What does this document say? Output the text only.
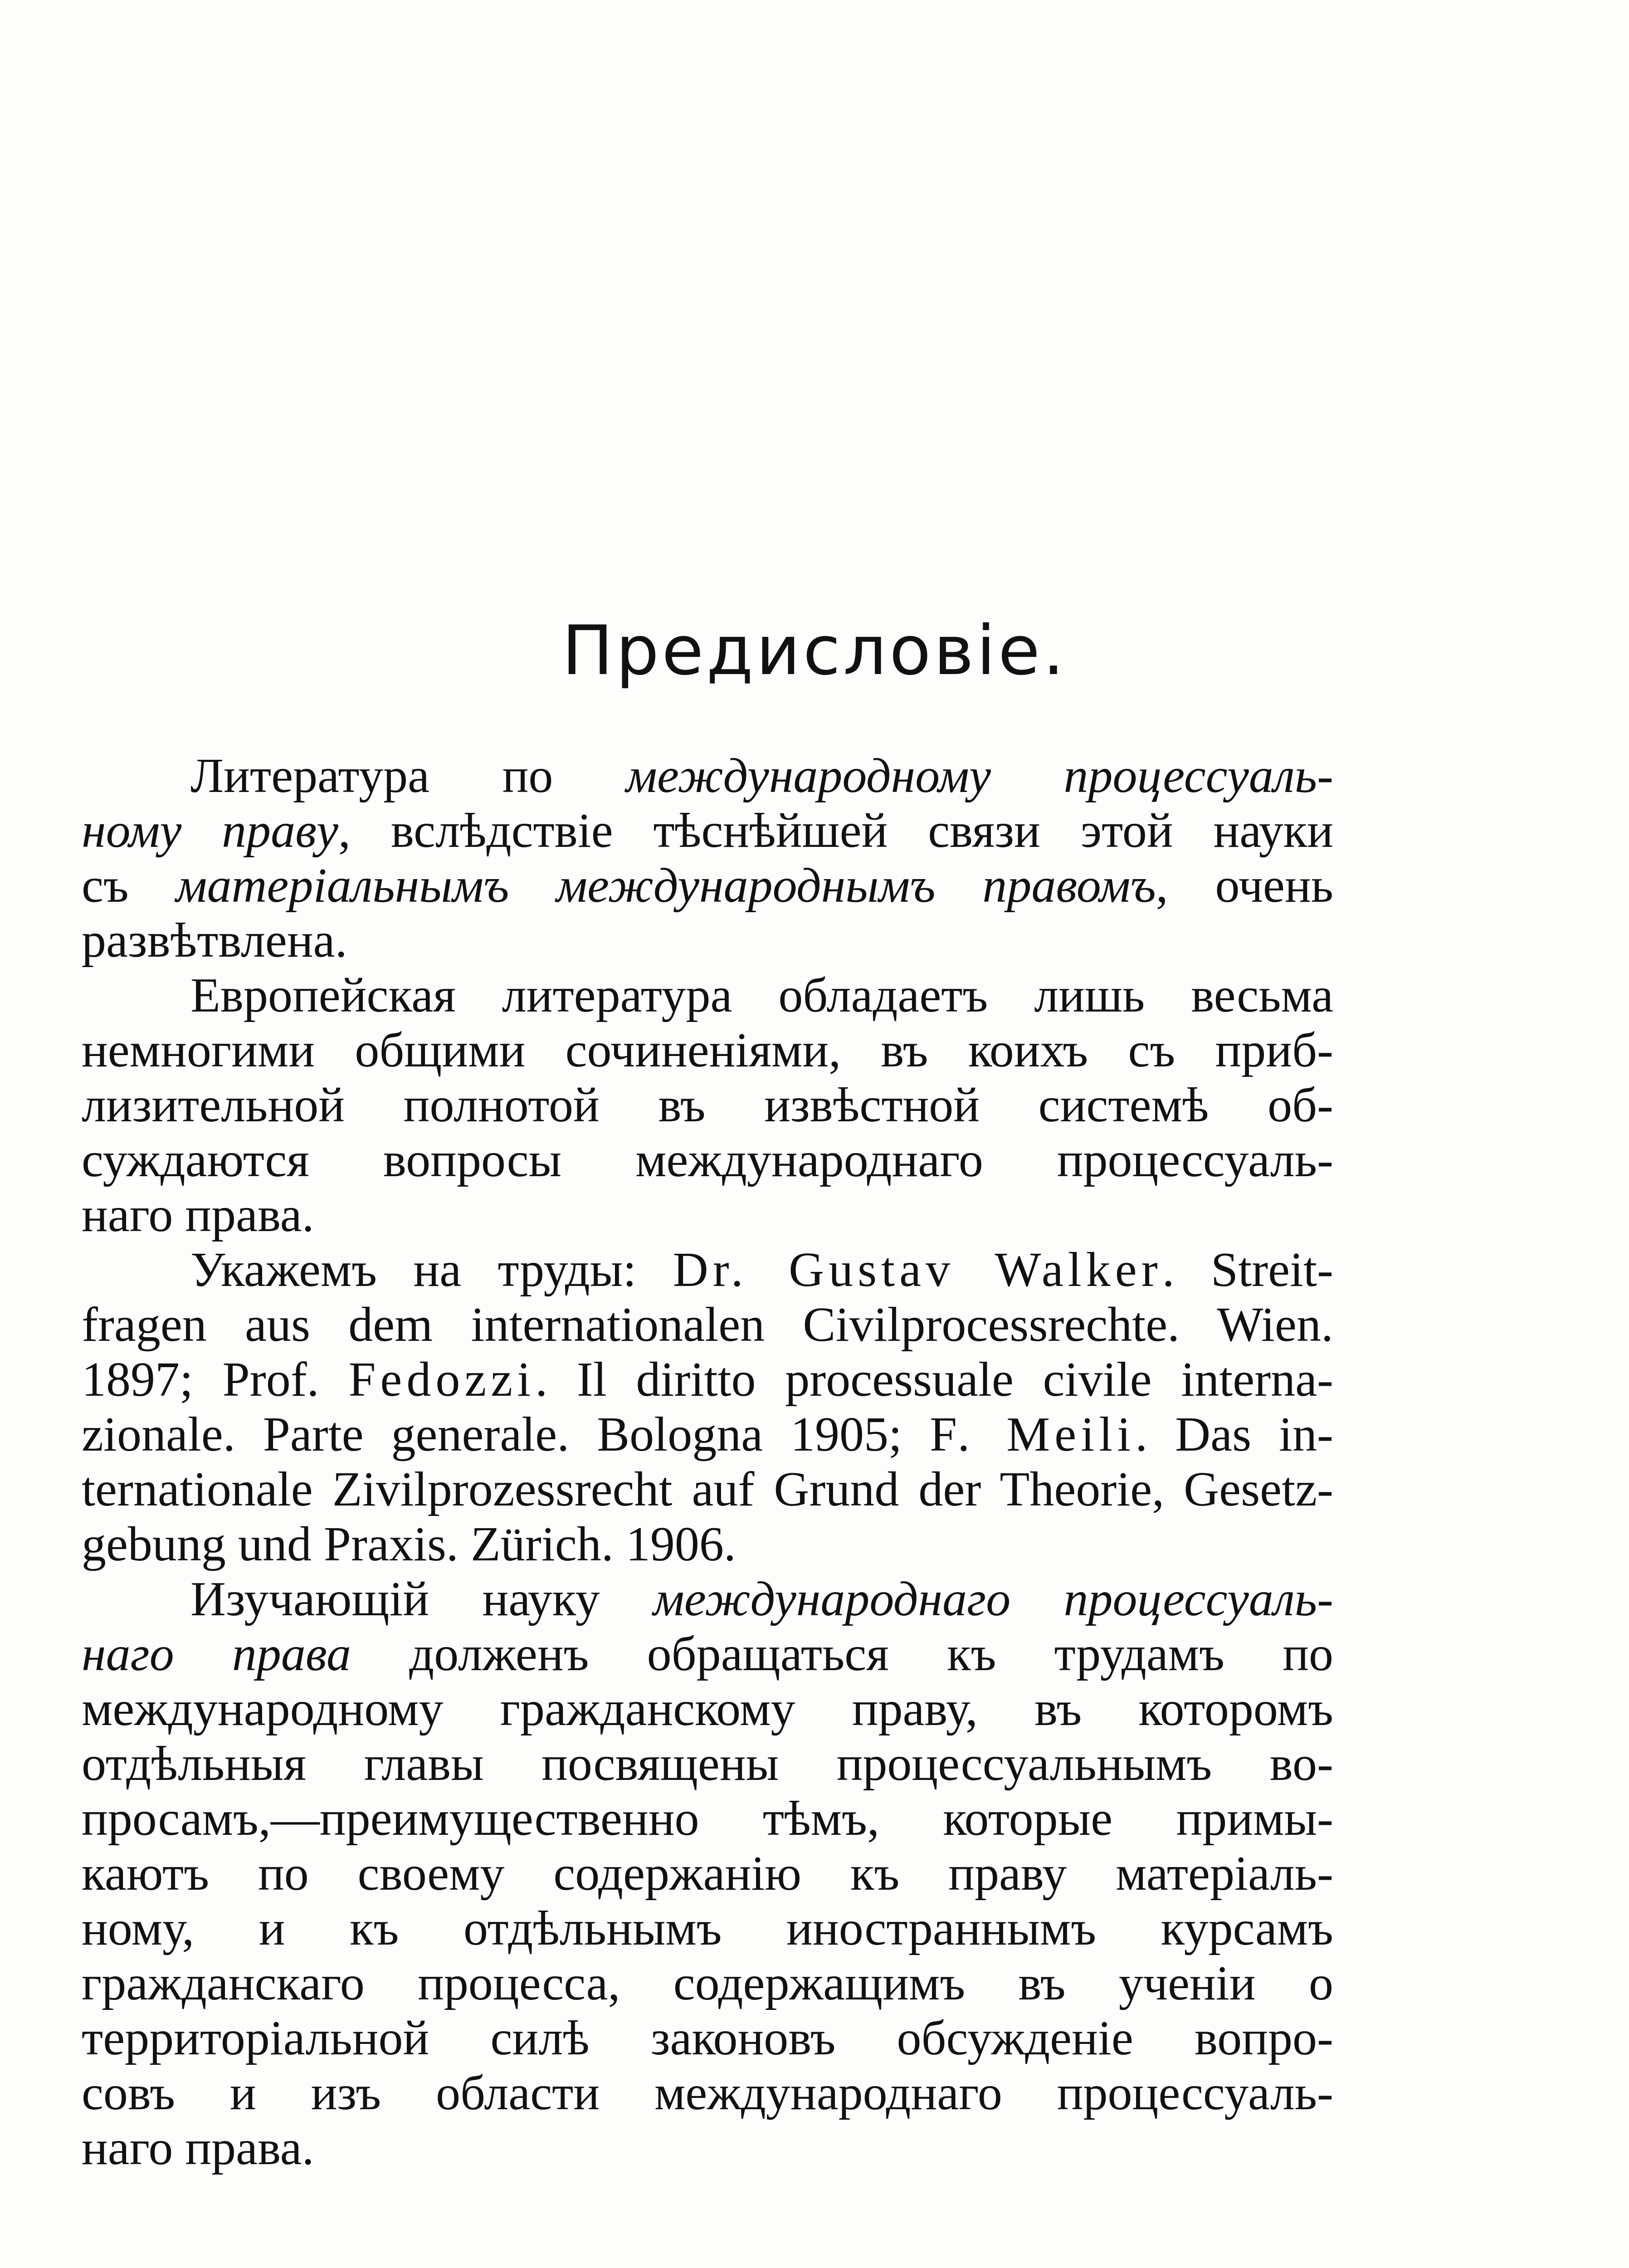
Предисловіе.
Литература по международному процессуаль-
ному праву, вслѣдствіе тѣснѣйшей связи этой науки
съ матеріальнымъ международнымъ правомъ, очень
развѣтвлена.
Европейская литература обладаетъ лишь весьма
немногими общими сочиненіями, въ коихъ съ приб-
лизительной полнотой въ извѣстной системѣ об-
суждаются вопросы международнаго процессуаль-
наго права.
Укажемъ на труды: Dr. Gustav Walker. Streit-
fragen aus dem internationalen Civilprocessrechte. Wien.
1897; Prof. Fedozzi. Il diritto processuale civile interna-
zionale. Parte generale. Bologna 1905; F. Meili. Das in-
ternationale Zivilprozessrecht auf Grund der Theorie, Gesetz-
gebung und Praxis. Zürich. 1906.
Изучающій науку международнаго процессуаль-
наго права долженъ обращаться къ трудамъ по
международному гражданскому праву, въ которомъ
отдѣльныя главы посвящены процессуальнымъ во-
просамъ,—преимущественно тѣмъ, которые примы-
каютъ по своему содержанію къ праву матеріаль-
ному, и къ отдѣльнымъ иностраннымъ курсамъ
гражданскаго процесса, содержащимъ въ ученіи о
территоріальной силѣ законовъ обсужденіе вопро-
совъ и изъ области международнаго процессуаль-
наго права.
